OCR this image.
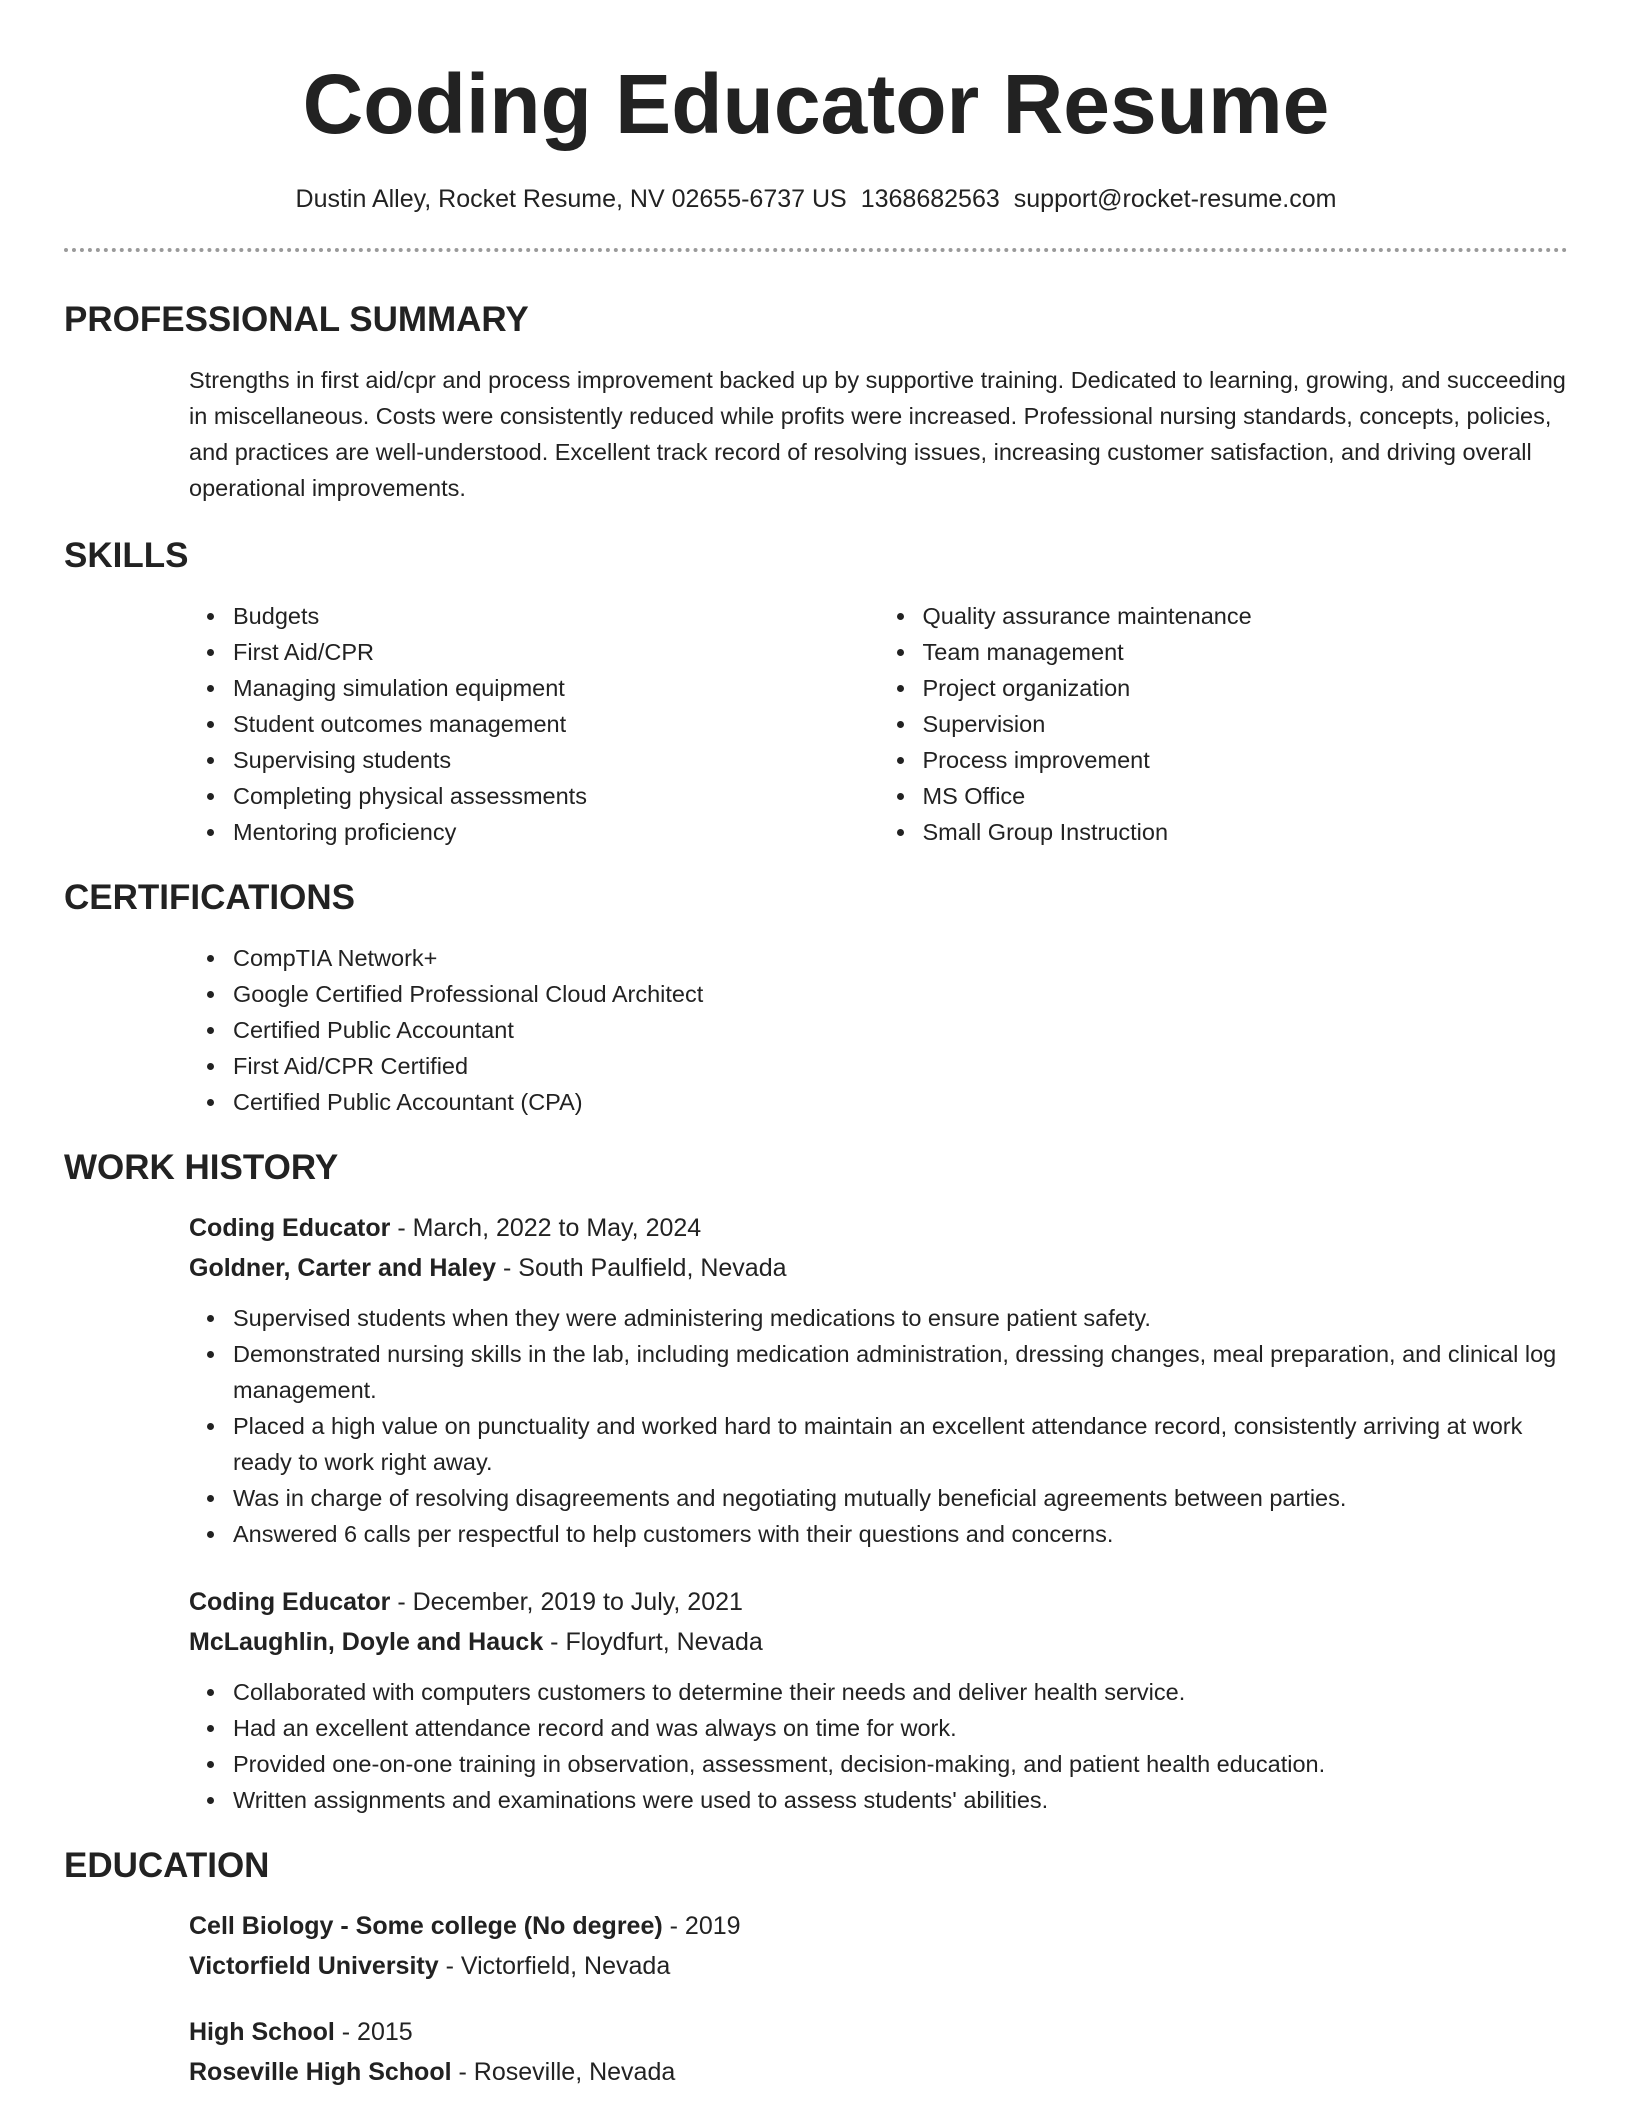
Coding Educator Resume
Dustin Alley, Rocket Resume, NV 02655-6737 US 1368682563 support@rocket-resume.com
PROFESSIONAL SUMMARY

Strengths in first aid/cpr and process improvement backed up by supportive training. Dedicated to learning, growing, and succeeding in miscellaneous. Costs were consistently reduced while profits were increased. Professional nursing standards, concepts, policies, and practices are well-understood. Excellent track record of resolving issues, increasing customer satisfaction, and driving overall operational improvements.

SKILLS
Budgets
First Aid/CPR
Managing simulation equipment
Student outcomes management
Supervising students
Completing physical assessments
Mentoring proficiency
Quality assurance maintenance
Team management
Project organization
Supervision
Process improvement
MS Office
Small Group Instruction
CERTIFICATIONS
CompTIA Network+
Google Certified Professional Cloud Architect
Certified Public Accountant
First Aid/CPR Certified
Certified Public Accountant (CPA)
WORK HISTORY
Coding Educator - March, 2022 to May, 2024
Goldner, Carter and Haley - South Paulfield, Nevada
Supervised students when they were administering medications to ensure patient safety.
Demonstrated nursing skills in the lab, including medication administration, dressing changes, meal preparation, and clinical log management.
Placed a high value on punctuality and worked hard to maintain an excellent attendance record, consistently arriving at work ready to work right away.
Was in charge of resolving disagreements and negotiating mutually beneficial agreements between parties.
Answered 6 calls per respectful to help customers with their questions and concerns.
Coding Educator - December, 2019 to July, 2021
McLaughlin, Doyle and Hauck - Floydfurt, Nevada
Collaborated with computers customers to determine their needs and deliver health service.
Had an excellent attendance record and was always on time for work.
Provided one-on-one training in observation, assessment, decision-making, and patient health education.
Written assignments and examinations were used to assess students' abilities.
EDUCATION
Cell Biology - Some college (No degree) - 2019
Victorfield University - Victorfield, Nevada
High School - 2015
Roseville High School - Roseville, Nevada
